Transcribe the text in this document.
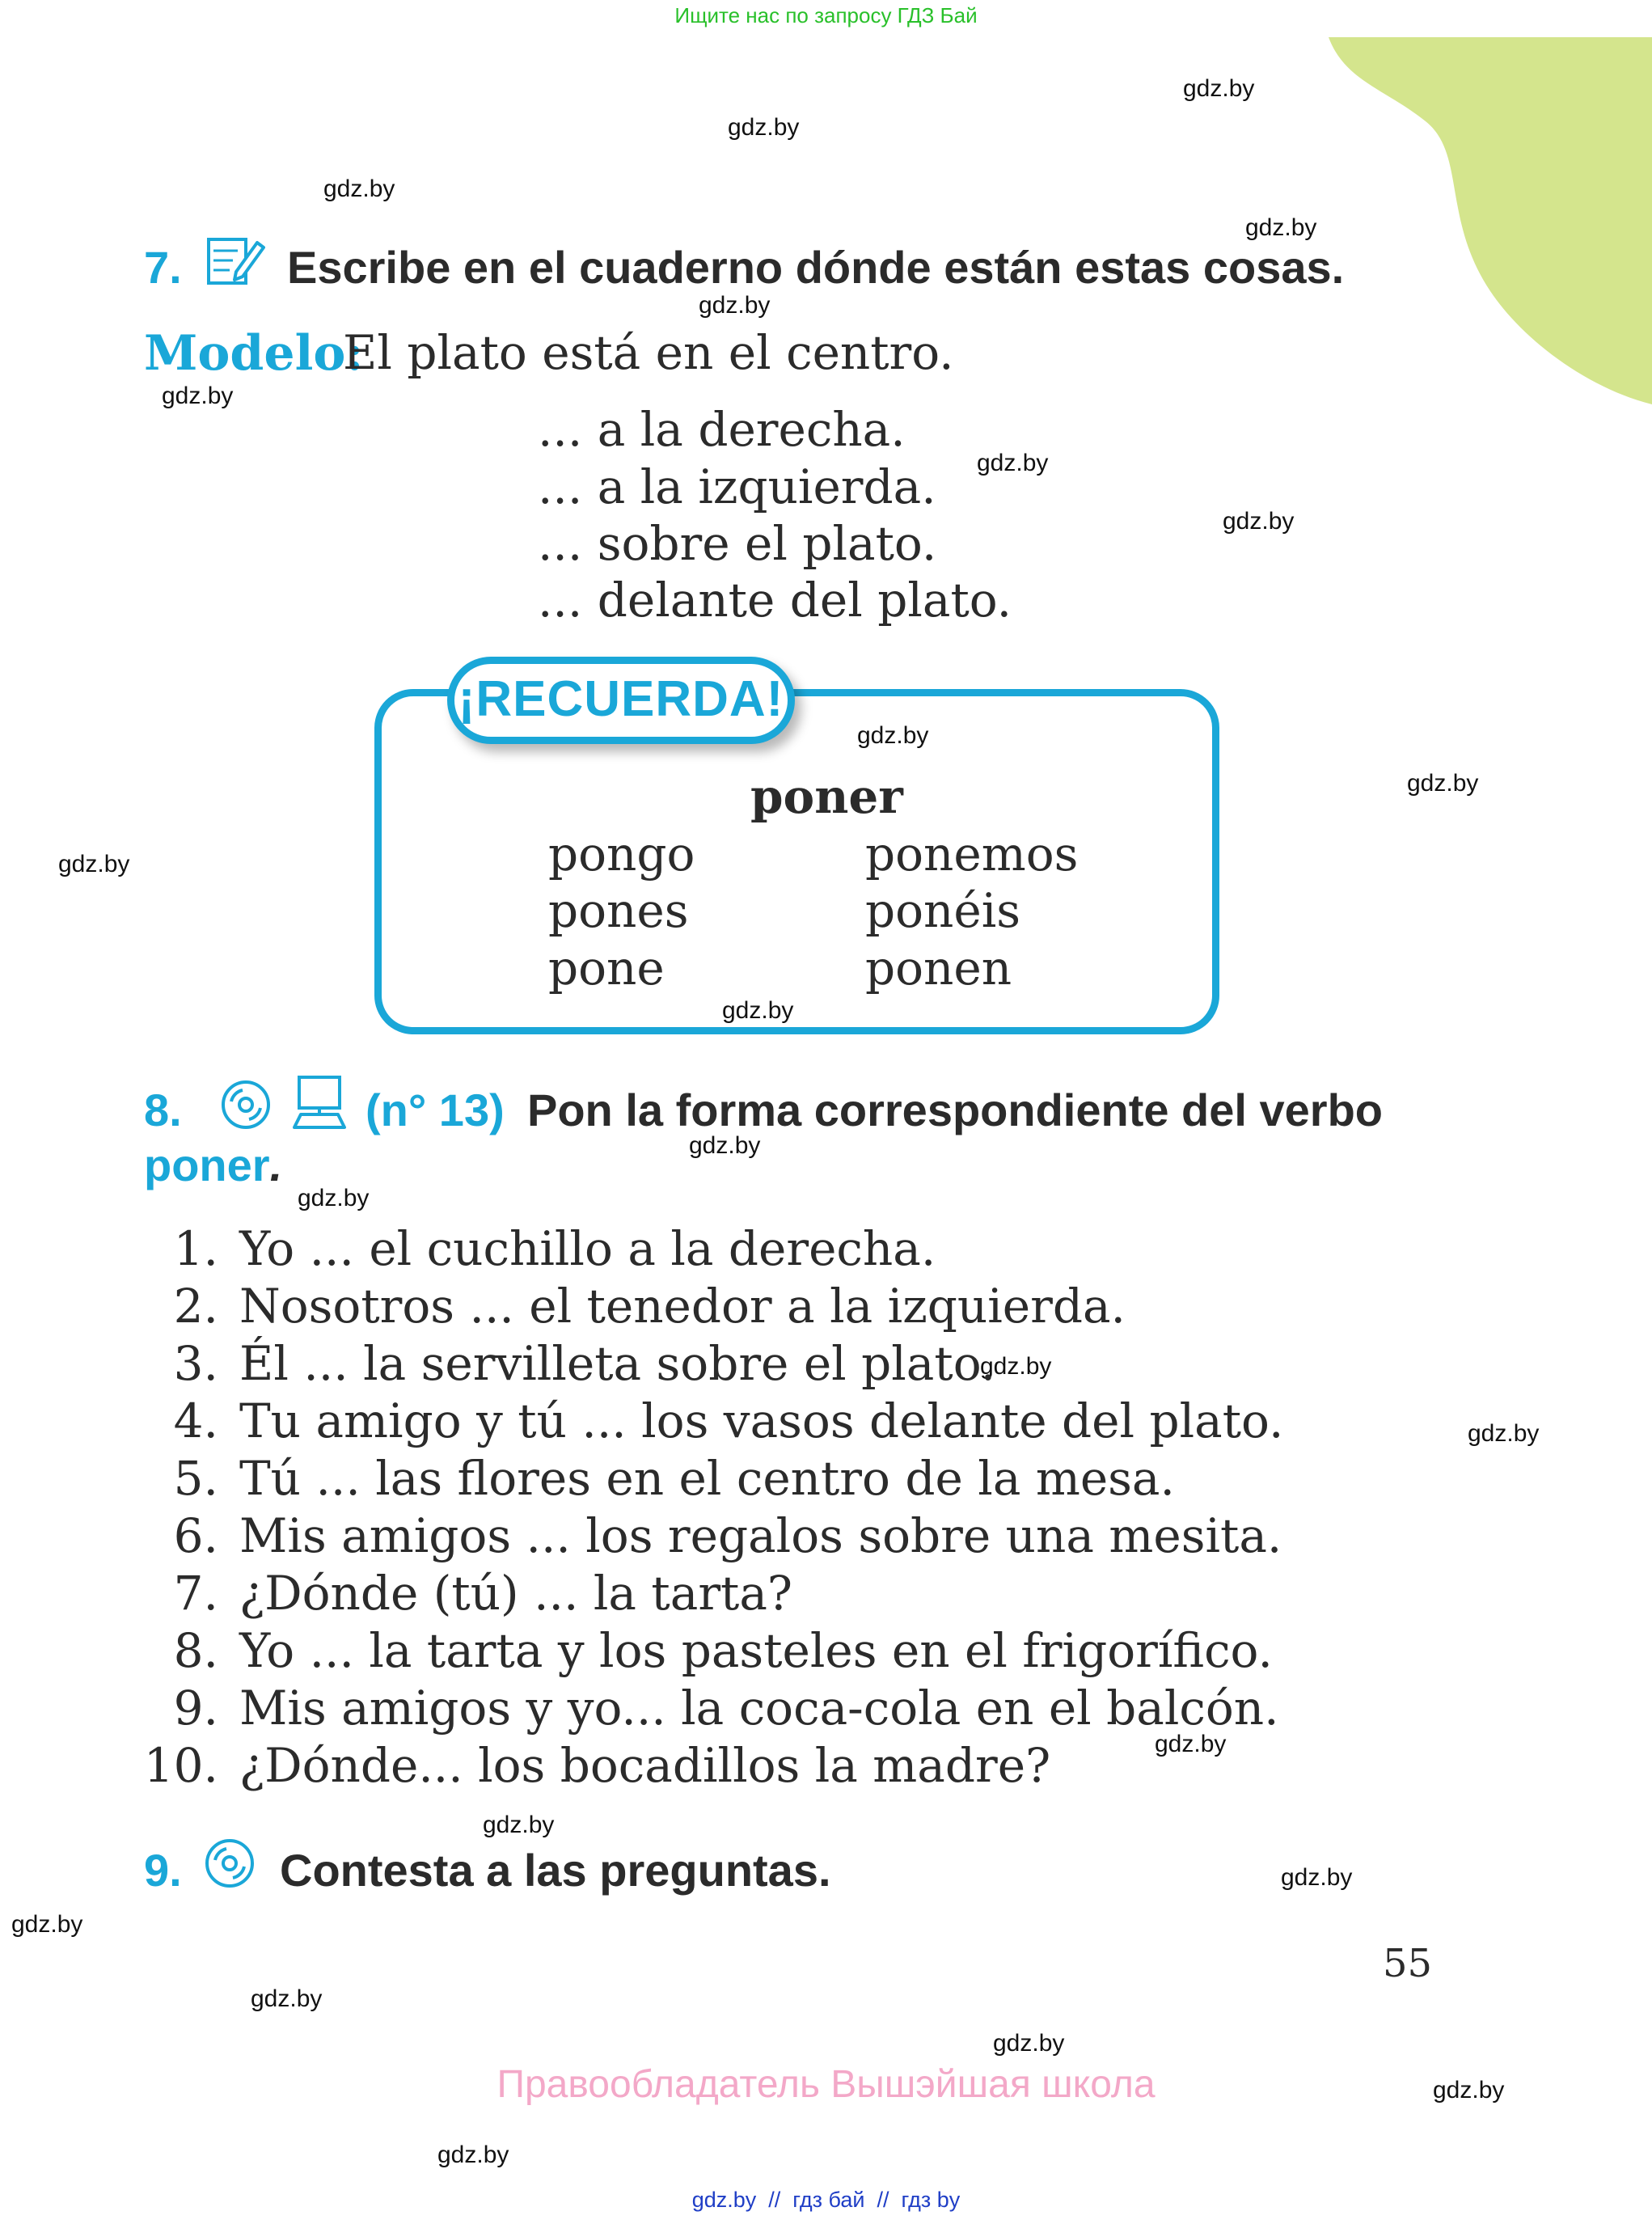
Ищите нас по запросу ГДЗ Бай
gdz.by
gdz.by
gdz.by
gdz.by
gdz.by
gdz.by
gdz.by
gdz.by
gdz.by
gdz.by
gdz.by
gdz.by
gdz.by
gdz.by
gdz.by
gdz.by
gdz.by
gdz.by
gdz.by
gdz.by
gdz.by
gdz.by
gdz.by
gdz.by
7. Escribe en el cuaderno dónde están estas cosas.
Modelo:
El plato está en el centro.
... a la derecha.
... a la izquierda.
... sobre el plato.
... delante del plato.
¡RECUERDA!
poner
pongo
pones
pone
ponemos
ponéis
ponen
8.	(n° 13) Pon la forma correspondiente del verbo
poner.
1. Yo ... el cuchillo a la derecha.
2. Nosotros ... el tenedor a la izquierda.
3. Él ... la servilleta sobre el plato.
4. Tu amigo y tú ... los vasos delante del plato.
5. Tú ... las flores en el centro de la mesa.
6. Mis amigos ... los regalos sobre una mesita.
7. ¿Dónde (tú) ... la tarta?
8. Yo ... la tarta y los pasteles en el frigorífico.
9. Mis amigos y yo... la coca-cola en el balcón.
10. ¿Dónde... los bocadillos la madre?
9. Contesta a las preguntas.
55
Правообладатель Вышэйшая школа
gdz.by  //  гдз бай  //  гдз by
